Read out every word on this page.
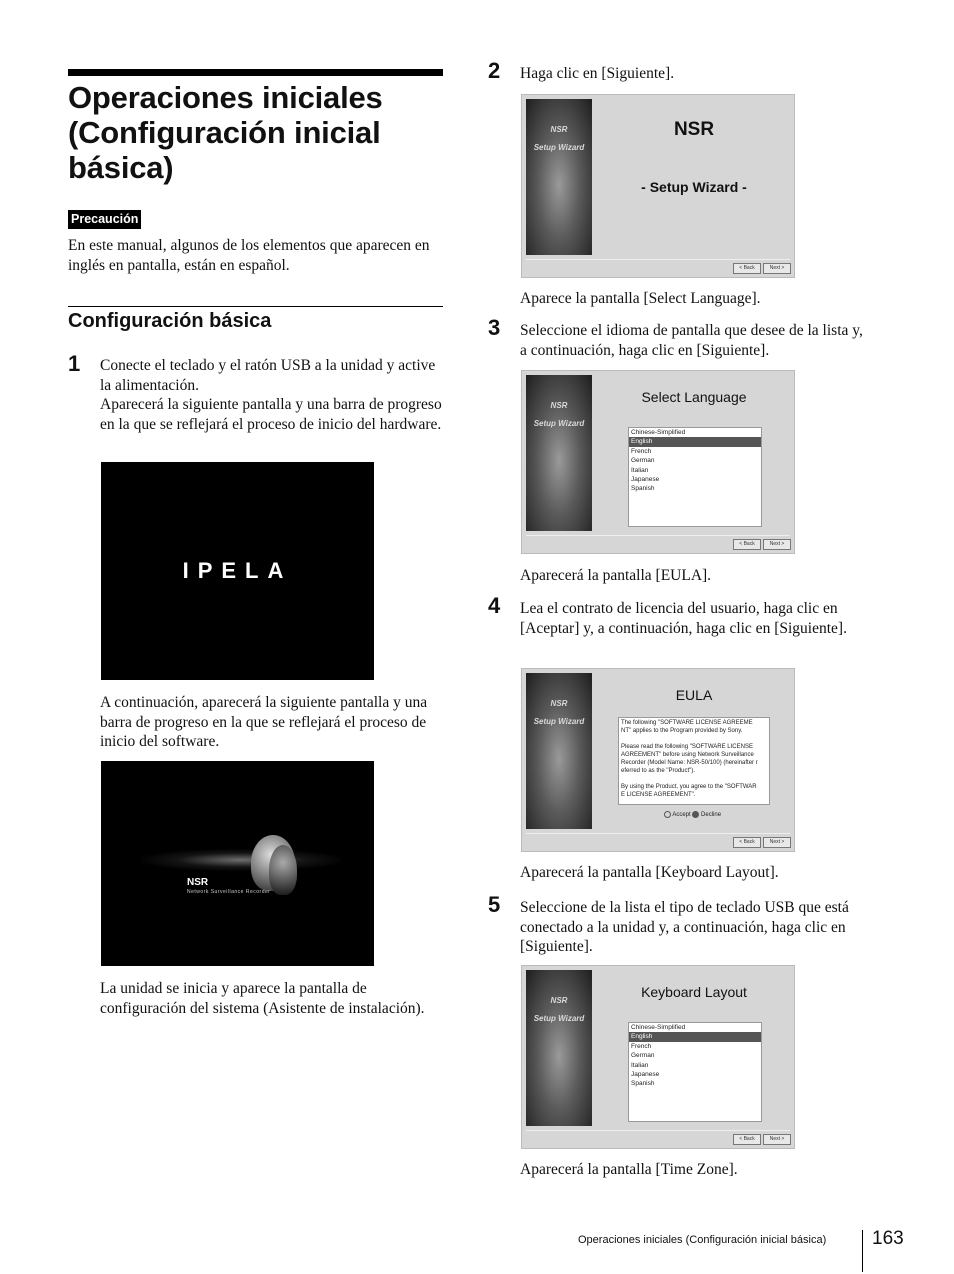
Operaciones iniciales (Configuración inicial básica)
Precaución
En este manual, algunos de los elementos que aparecen en inglés en pantalla, están en español.
Configuración básica
1 Conecte el teclado y el ratón USB a la unidad y active la alimentación.
Aparecerá la siguiente pantalla y una barra de progreso en la que se reflejará el proceso de inicio del hardware.
IPELA
A continuación, aparecerá la siguiente pantalla y una barra de progreso en la que se reflejará el proceso de inicio del software.
NSR
Network Surveillance Recorder
La unidad se inicia y aparece la pantalla de configuración del sistema (Asistente de instalación).
2 Haga clic en [Siguiente].
NSR
Setup Wizard
NSR
- Setup Wizard -
< Back	Next >
Aparece la pantalla [Select Language].
3 Seleccione el idioma de pantalla que desee de la lista y, a continuación, haga clic en [Siguiente].
NSR
Setup Wizard
Select Language
Chinese-Simplified
English
French
German
Italian
Japanese
Spanish
< Back	Next >
Aparecerá la pantalla [EULA].
4 Lea el contrato de licencia del usuario, haga clic en [Aceptar] y, a continuación, haga clic en [Siguiente].
NSR
Setup Wizard
EULA
The following "SOFTWARE LICENSE AGREEME
NT" applies to the Program provided by Sony.

Please read the following "SOFTWARE LICENSE
AGREEMENT" before using Network Surveillance
Recorder (Model Name: NSR-50/100) (hereinafter r
eferred to as the "Product").

By using the Product, you agree to the "SOFTWAR
E LICENSE AGREEMENT".
Accept Decline
< Back	Next >
Aparecerá la pantalla [Keyboard Layout].
5 Seleccione de la lista el tipo de teclado USB que está conectado a la unidad y, a continuación, haga clic en [Siguiente].
NSR
Setup Wizard
Keyboard Layout
Chinese-Simplified
English
French
German
Italian
Japanese
Spanish
< Back	Next >
Aparecerá la pantalla [Time Zone].
Operaciones iniciales (Configuración inicial básica) 163
